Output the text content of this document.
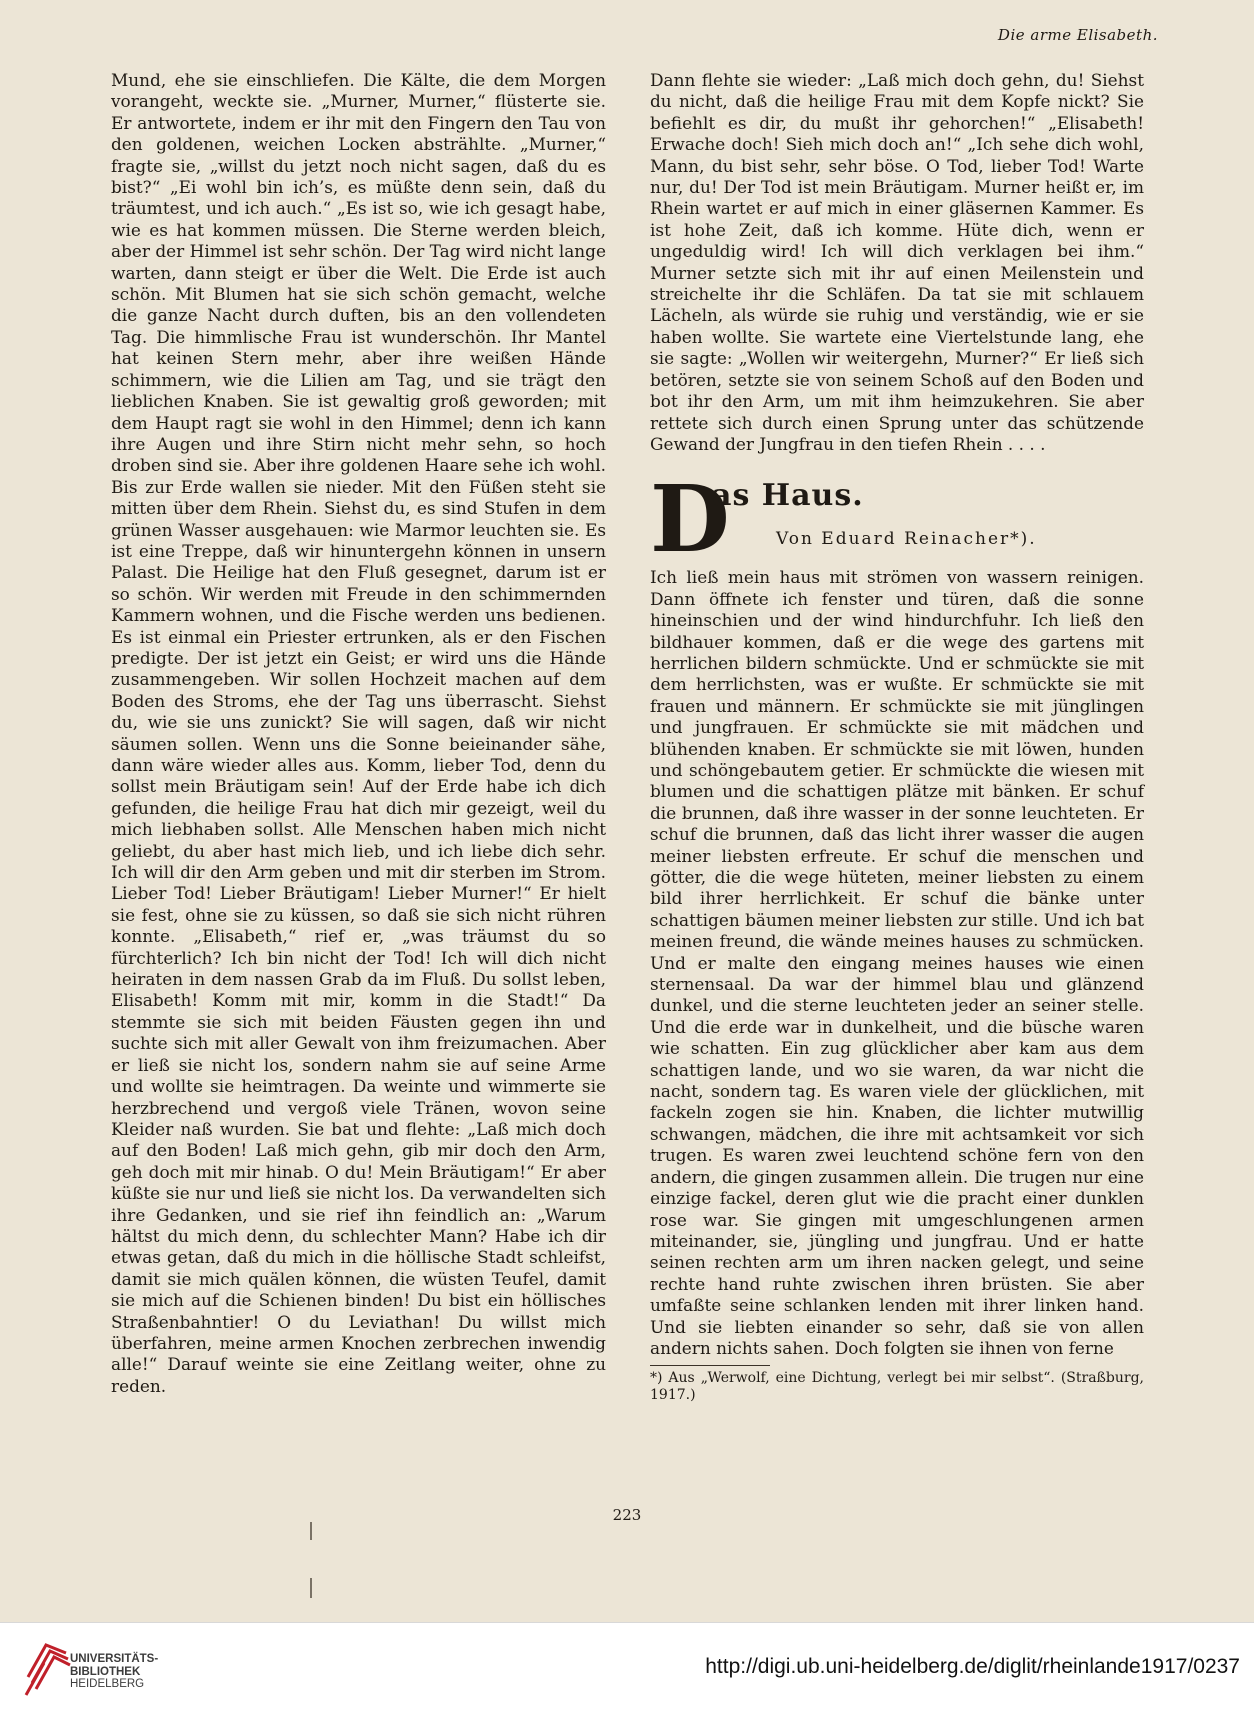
Die arme Elisabeth.

Mund, ehe sie einschliefen. Die Kälte, die dem Morgen vorangeht, weckte sie. „Murner, Murner,“ flüsterte sie. Er antwortete, indem er ihr mit den Fingern den Tau von den goldenen, weichen Locken abstrählte. „Murner,“ fragte sie, „willst du jetzt noch nicht sagen, daß du es bist?“ „Ei wohl bin ich’s, es müßte denn sein, daß du träumtest, und ich auch.“ „Es ist so, wie ich gesagt habe, wie es hat kommen müssen. Die Sterne werden bleich, aber der Himmel ist sehr schön. Der Tag wird nicht lange warten, dann steigt er über die Welt. Die Erde ist auch schön. Mit Blumen hat sie sich schön gemacht, welche die ganze Nacht durch duften, bis an den vollendeten Tag. Die himmlische Frau ist wunderschön. Ihr Mantel hat keinen Stern mehr, aber ihre weißen Hände schimmern, wie die Lilien am Tag, und sie trägt den lieblichen Knaben. Sie ist gewaltig groß geworden; mit dem Haupt ragt sie wohl in den Himmel; denn ich kann ihre Augen und ihre Stirn nicht mehr sehn, so hoch droben sind sie. Aber ihre goldenen Haare sehe ich wohl. Bis zur Erde wallen sie nieder. Mit den Füßen steht sie mitten über dem Rhein. Siehst du, es sind Stufen in dem grünen Wasser ausgehauen: wie Marmor leuchten sie. Es ist eine Treppe, daß wir hinuntergehn können in unsern Palast. Die Heilige hat den Fluß gesegnet, darum ist er so schön. Wir werden mit Freude in den schimmernden Kammern wohnen, und die Fische werden uns bedienen. Es ist einmal ein Priester ertrunken, als er den Fischen predigte. Der ist jetzt ein Geist; er wird uns die Hände zusammengeben. Wir sollen Hochzeit machen auf dem Boden des Stroms, ehe der Tag uns überrascht. Siehst du, wie sie uns zunickt? Sie will sagen, daß wir nicht säumen sollen. Wenn uns die Sonne beieinander sähe, dann wäre wieder alles aus. Komm, lieber Tod, denn du sollst mein Bräutigam sein! Auf der Erde habe ich dich gefunden, die heilige Frau hat dich mir gezeigt, weil du mich liebhaben sollst. Alle Menschen haben mich nicht geliebt, du aber hast mich lieb, und ich liebe dich sehr. Ich will dir den Arm geben und mit dir sterben im Strom. Lieber Tod! Lieber Bräutigam! Lieber Murner!“ Er hielt sie fest, ohne sie zu küssen, so daß sie sich nicht rühren konnte. „Elisabeth,“ rief er, „was träumst du so fürchterlich? Ich bin nicht der Tod! Ich will dich nicht heiraten in dem nassen Grab da im Fluß. Du sollst leben, Elisabeth! Komm mit mir, komm in die Stadt!“ Da stemmte sie sich mit beiden Fäusten gegen ihn und suchte sich mit aller Gewalt von ihm freizumachen. Aber er ließ sie nicht los, sondern nahm sie auf seine Arme und wollte sie heimtragen. Da weinte und wimmerte sie herzbrechend und vergoß viele Tränen, wovon seine Kleider naß wurden. Sie bat und flehte: „Laß mich doch auf den Boden! Laß mich gehn, gib mir doch den Arm, geh doch mit mir hinab. O du! Mein Bräutigam!“ Er aber küßte sie nur und ließ sie nicht los. Da verwandelten sich ihre Gedanken, und sie rief ihn feindlich an: „Warum hältst du mich denn, du schlechter Mann? Habe ich dir etwas getan, daß du mich in die höllische Stadt schleifst, damit sie mich quälen können, die wüsten Teufel, damit sie mich auf die Schienen binden! Du bist ein höllisches Straßenbahntier! O du Leviathan! Du willst mich überfahren, meine armen Knochen zerbrechen inwendig alle!“ Darauf weinte sie eine Zeitlang weiter, ohne zu reden.

Dann flehte sie wieder: „Laß mich doch gehn, du! Siehst du nicht, daß die heilige Frau mit dem Kopfe nickt? Sie befiehlt es dir, du mußt ihr gehorchen!“ „Elisabeth! Erwache doch! Sieh mich doch an!“ „Ich sehe dich wohl, Mann, du bist sehr, sehr böse. O Tod, lieber Tod! Warte nur, du! Der Tod ist mein Bräutigam. Murner heißt er, im Rhein wartet er auf mich in einer gläsernen Kammer. Es ist hohe Zeit, daß ich komme. Hüte dich, wenn er ungeduldig wird! Ich will dich verklagen bei ihm.“ Murner setzte sich mit ihr auf einen Meilenstein und streichelte ihr die Schläfen. Da tat sie mit schlauem Lächeln, als würde sie ruhig und verständig, wie er sie haben wollte. Sie wartete eine Viertelstunde lang, ehe sie sagte: „Wollen wir weitergehn, Murner?“ Er ließ sich betören, setzte sie von seinem Schoß auf den Boden und bot ihr den Arm, um mit ihm heimzukehren. Sie aber rettete sich durch einen Sprung unter das schützende Gewand der Jungfrau in den tiefen Rhein . . . .

D
as Haus.
Von Eduard Reinacher*).

Ich ließ mein haus mit strömen von wassern reinigen. Dann öffnete ich fenster und türen, daß die sonne hineinschien und der wind hindurchfuhr. Ich ließ den bildhauer kommen, daß er die wege des gartens mit herrlichen bildern schmückte. Und er schmückte sie mit dem herrlichsten, was er wußte. Er schmückte sie mit frauen und männern. Er schmückte sie mit jünglingen und jungfrauen. Er schmückte sie mit mädchen und blühenden knaben. Er schmückte sie mit löwen, hunden und schöngebautem getier. Er schmückte die wiesen mit blumen und die schattigen plätze mit bänken. Er schuf die brunnen, daß ihre wasser in der sonne leuchteten. Er schuf die brunnen, daß das licht ihrer wasser die augen meiner liebsten erfreute. Er schuf die menschen und götter, die die wege hüteten, meiner liebsten zu einem bild ihrer herrlichkeit. Er schuf die bänke unter schattigen bäumen meiner liebsten zur stille. Und ich bat meinen freund, die wände meines hauses zu schmücken. Und er malte den eingang meines hauses wie einen sternensaal. Da war der himmel blau und glänzend dunkel, und die sterne leuchteten jeder an seiner stelle. Und die erde war in dunkelheit, und die büsche waren wie schatten. Ein zug glücklicher aber kam aus dem schattigen lande, und wo sie waren, da war nicht die nacht, sondern tag. Es waren viele der glücklichen, mit fackeln zogen sie hin. Knaben, die lichter mutwillig schwangen, mädchen, die ihre mit achtsamkeit vor sich trugen. Es waren zwei leuchtend schöne fern von den andern, die gingen zusammen allein. Die trugen nur eine einzige fackel, deren glut wie die pracht einer dunklen rose war. Sie gingen mit umgeschlungenen armen miteinander, sie, jüngling und jungfrau. Und er hatte seinen rechten arm um ihren nacken gelegt, und seine rechte hand ruhte zwischen ihren brüsten. Sie aber umfaßte seine schlanken lenden mit ihrer linken hand. Und sie liebten einander so sehr, daß sie von allen andern nichts sahen. Doch folgten sie ihnen von ferne

*) Aus „Werwolf, eine Dichtung, verlegt bei mir selbst“. (Straßburg, 1917.)

223
UNIVERSITÄTS-
BIBLIOTHEK
HEIDELBERG
http://digi.ub.uni-heidelberg.de/diglit/rheinlande1917/0237
